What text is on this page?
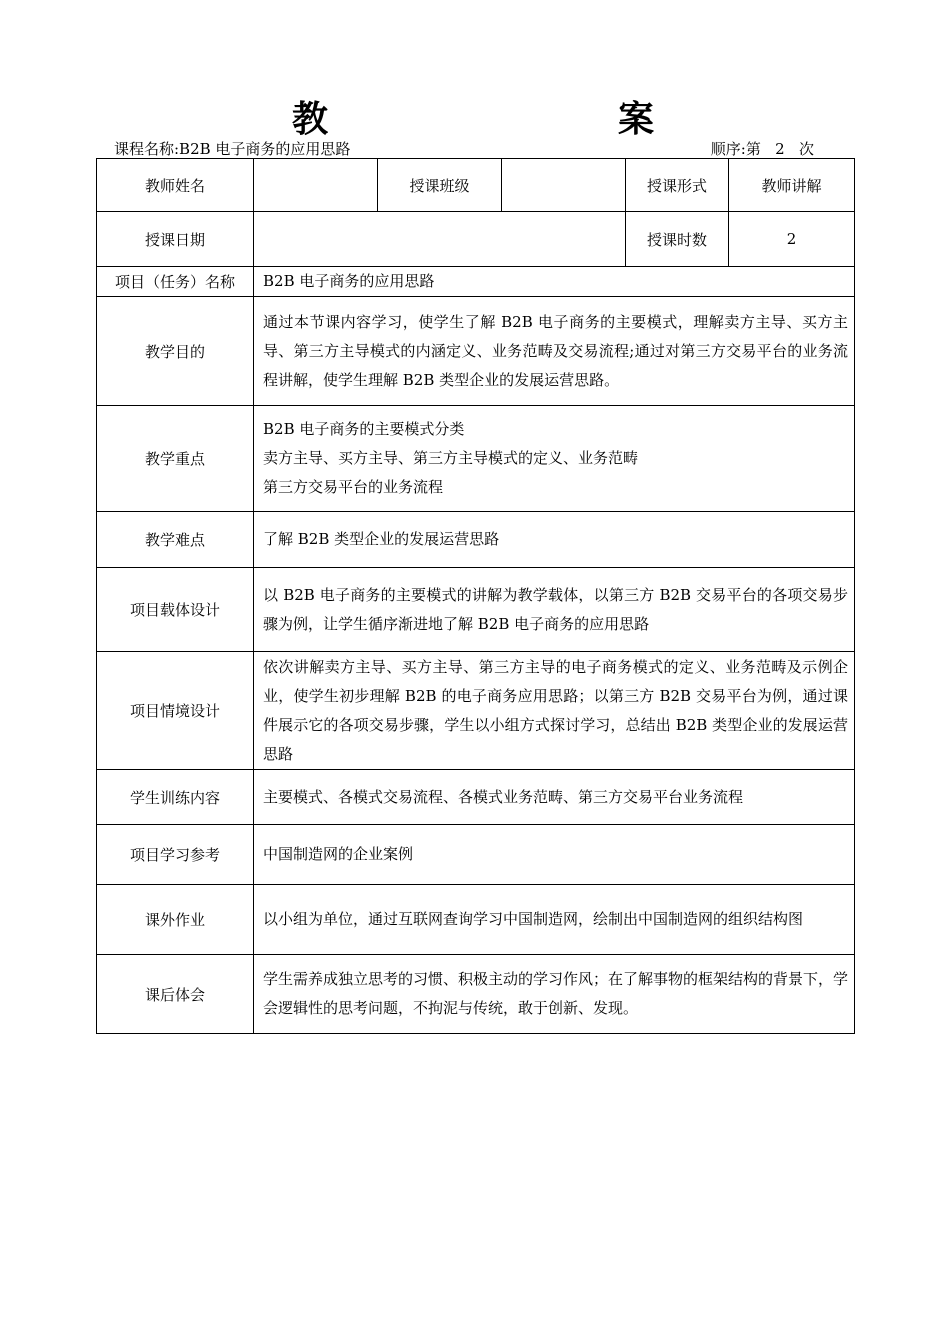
教	案
课程名称:B2B 电子商务的应用思路	顺序:第   2   次
教师姓名		授课班级		授课形式	教师讲解
授课日期				授课时数	2
项目（任务）名称	B2B 电子商务的应用思路				
教学目的	通过本节课内容学习，使学生了解 B2B 电子商务的主要模式，理解卖方主导、买方主导、第三方主导模式的内涵定义、业务范畴及交易流程;通过对第三方交易平台的业务流程讲解，使学生理解 B2B 类型企业的发展运营思路。				
教学重点	B2B 电子商务的主要模式分类
卖方主导、买方主导、第三方主导模式的定义、业务范畴
第三方交易平台的业务流程				

教学难点	了解 B2B 类型企业的发展运营思路				
项目载体设计	以 B2B 电子商务的主要模式的讲解为教学载体，以第三方 B2B 交易平台的各项交易步骤为例，让学生循序渐进地了解 B2B 电子商务的应用思路				
项目情境设计	依次讲解卖方主导、买方主导、第三方主导的电子商务模式的定义、业务范畴及示例企业，使学生初步理解 B2B 的电子商务应用思路；以第三方 B2B 交易平台为例，通过课件展示它的各项交易步骤，学生以小组方式探讨学习，总结出 B2B 类型企业的发展运营思路				
学生训练内容	主要模式、各模式交易流程、各模式业务范畴、第三方交易平台业务流程				
项目学习参考	中国制造网的企业案例				
课外作业	以小组为单位，通过互联网查询学习中国制造网，绘制出中国制造网的组织结构图				
课后体会	学生需养成独立思考的习惯、积极主动的学习作风；在了解事物的框架结构的背景下，学会逻辑性的思考问题，不拘泥与传统，敢于创新、发现。				
